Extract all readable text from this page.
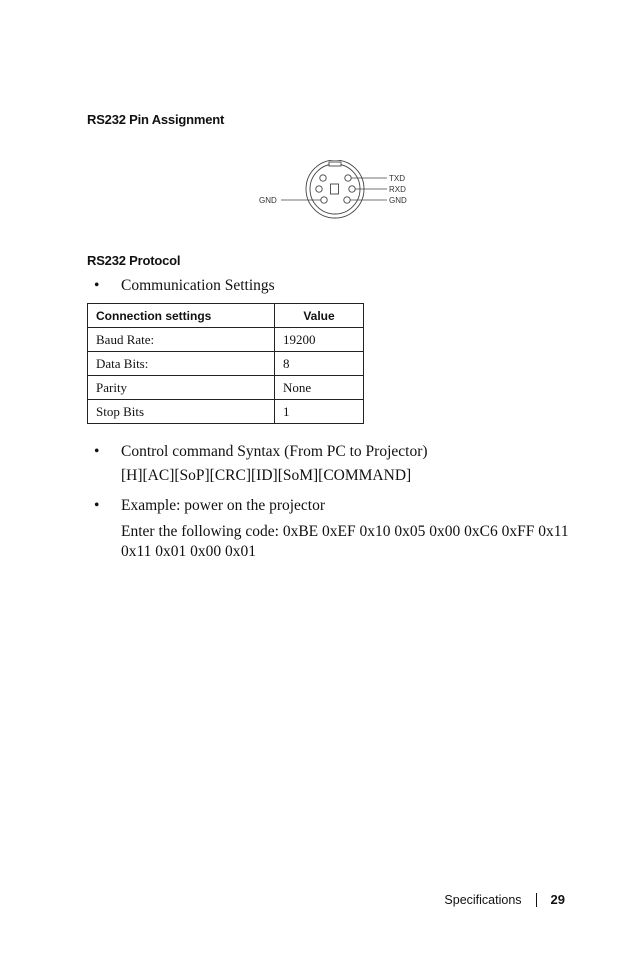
RS232 Pin Assignment
TXD
RXD
GND
GND
RS232 Protocol
•	Communication Settings
Connection settings	Value
Baud Rate:	19200
Data Bits:	8
Parity	None
Stop Bits	1
•	Control command Syntax (From PC to Projector)

[H][AC][SoP][CRC][ID][SoM][COMMAND]

•	Example: power on the projector

Enter the following code: 0xBE 0xEF 0x10 0x05 0x00 0xC6 0xFF 0x11 0x11 0x01 0x00 0x01

Specifications 29
